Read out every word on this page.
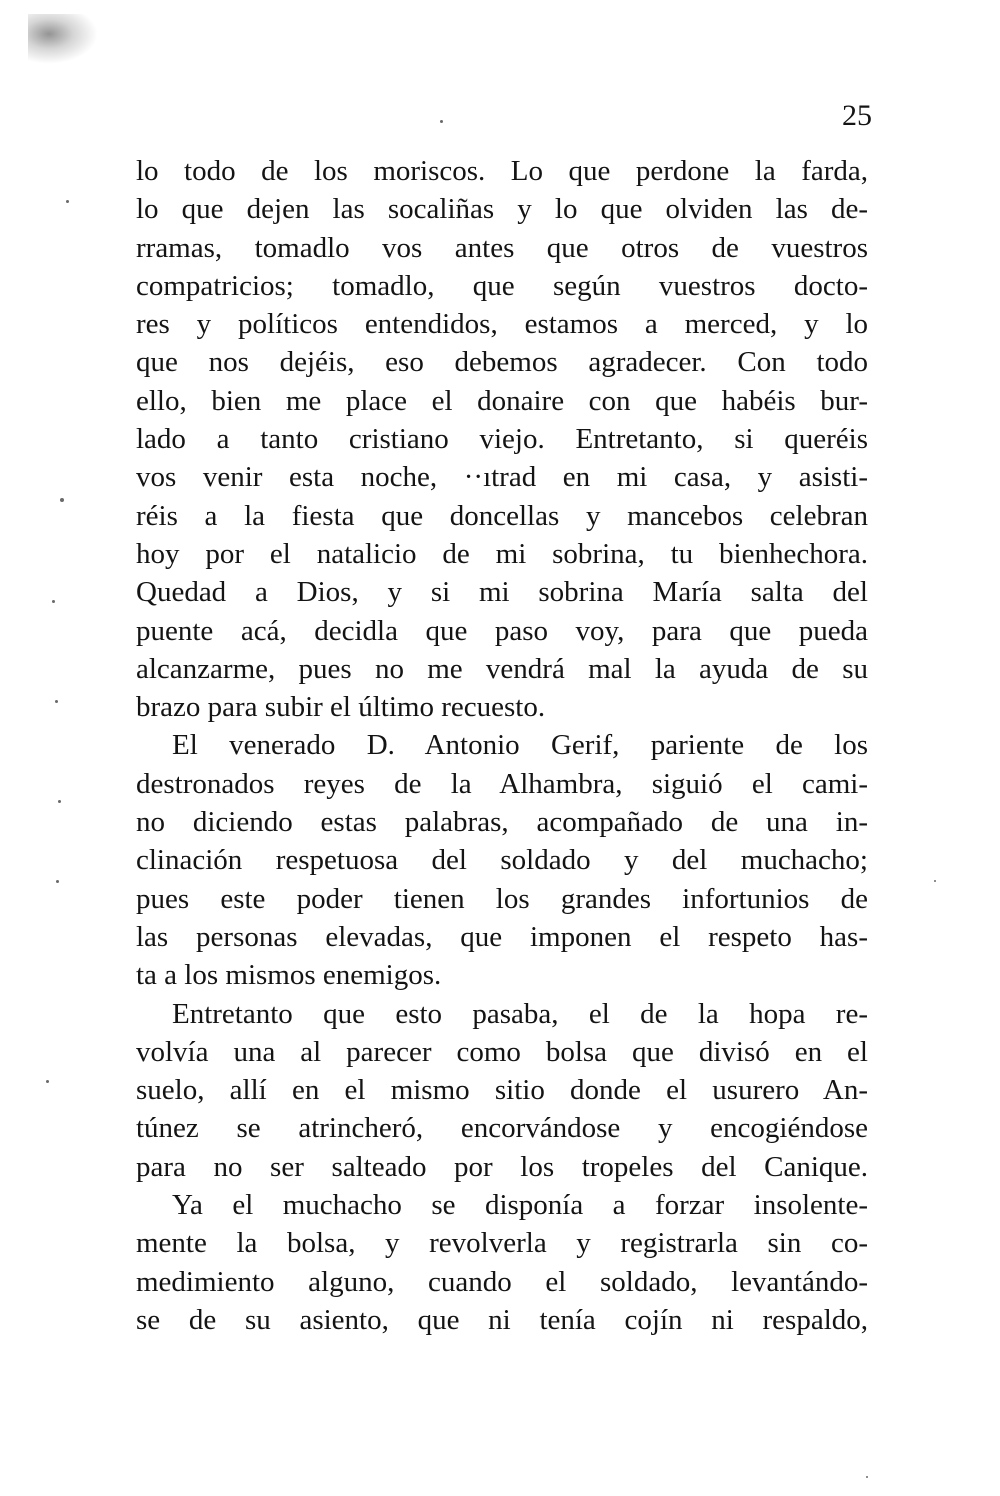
25
lo todo de los moriscos. Lo que perdone la farda,
lo que dejen las socaliñas y lo que olviden las de-
rramas, tomadlo vos antes que otros de vuestros
compatricios; tomadlo, que según vuestros docto-
res y políticos entendidos, estamos a merced, y lo
que nos dejéis, eso debemos agradecer. Con todo
ello, bien me place el donaire con que habéis bur-
lado a tanto cristiano viejo. Entretanto, si queréis
vos venir esta noche, ··ıtrad en mi casa, y asisti-
réis a la fiesta que doncellas y mancebos celebran
hoy por el natalicio de mi sobrina, tu bienhechora.
Quedad a Dios, y si mi sobrina María salta del
puente acá, decidla que paso voy, para que pueda
alcanzarme, pues no me vendrá mal la ayuda de su
brazo para subir el último recuesto.
El venerado D. Antonio Gerif, pariente de los
destronados reyes de la Alhambra, siguió el cami-
no diciendo estas palabras, acompañado de una in-
clinación respetuosa del soldado y del muchacho;
pues este poder tienen los grandes infortunios de
las personas elevadas, que imponen el respeto has-
ta a los mismos enemigos.
Entretanto que esto pasaba, el de la hopa re-
volvía una al parecer como bolsa que divisó en el
suelo, allí en el mismo sitio donde el usurero An-
túnez se atrincheró, encorvándose y encogiéndose
para no ser salteado por los tropeles del Canique.
Ya el muchacho se disponía a forzar insolente-
mente la bolsa, y revolverla y registrarla sin co-
medimiento alguno, cuando el soldado, levantándo-
se de su asiento, que ni tenía cojín ni respaldo,
